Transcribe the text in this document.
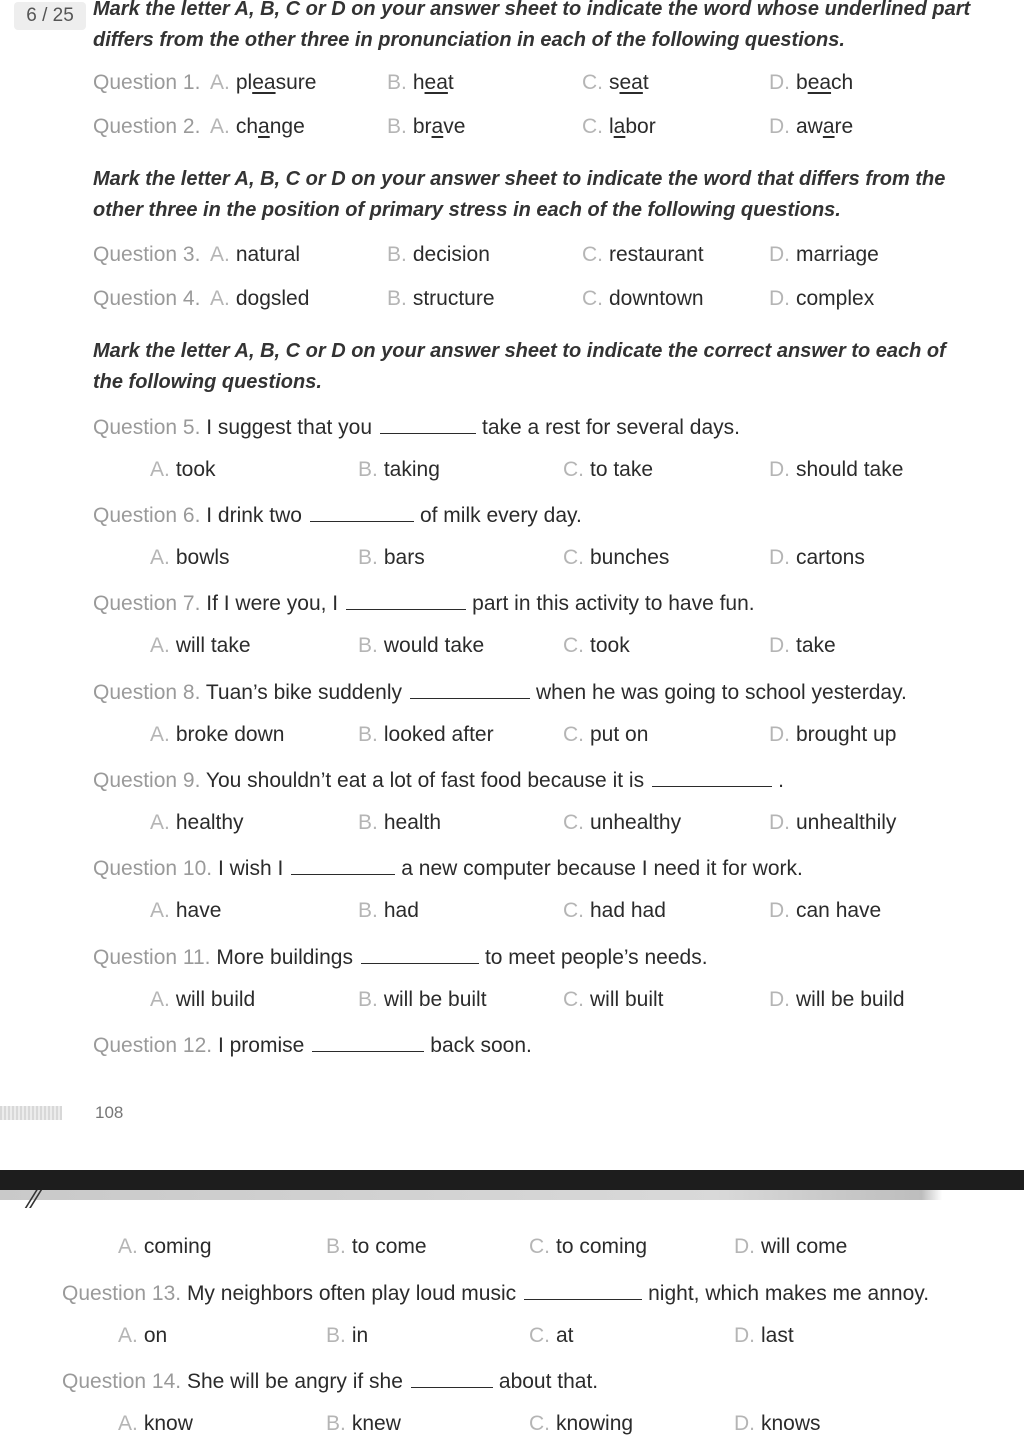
6 / 25 Mark the letter A, B, C or D on your answer sheet to indicate the word whose underlined part differs from the other three in pronunciation in each of the following questions.
Question 1. A. pleasure	B. heat	C. seat	D. beach
Question 2. A. change	B. brave	C. labor	D. aware
Mark the letter A, B, C or D on your answer sheet to indicate the word that differs from the other three in the position of primary stress in each of the following questions.
Question 3. A. natural	B. decision	C. restaurant	D. marriage
Question 4. A. dogsled	B. structure	C. downtown	D. complex
Mark the letter A, B, C or D on your answer sheet to indicate the correct answer to each of the following questions.
Question 5. I suggest that you	take a rest for several days.
A. took	B. taking	C. to take	D. should take
Question 6. I drink two	of milk every day.
A. bowls	B. bars	C. bunches	D. cartons
Question 7. If I were you, I	part in this activity to have fun.
A. will take	B. would take	C. took	D. take
Question 8. Tuan’s bike suddenly	when he was going to school yesterday.
A. broke down	B. looked after	C. put on	D. brought up
Question 9. You shouldn’t eat a lot of fast food because it is	.
A. healthy	B. health	C. unhealthy	D. unhealthily
Question 10. I wish I	a new computer because I need it for work.
A. have	B. had	C. had had	D. can have
Question 11. More buildings	to meet people’s needs.
A. will build	B. will be built	C. will built	D. will be build
Question 12. I promise	back soon.
108
⁄⁄
A. coming	B. to come	C. to coming	D. will come
Question 13. My neighbors often play loud music	night, which makes me annoy.
A. on	B. in	C. at	D. last
Question 14. She will be angry if she	about that.
A. know	B. knew	C. knowing	D. knows
